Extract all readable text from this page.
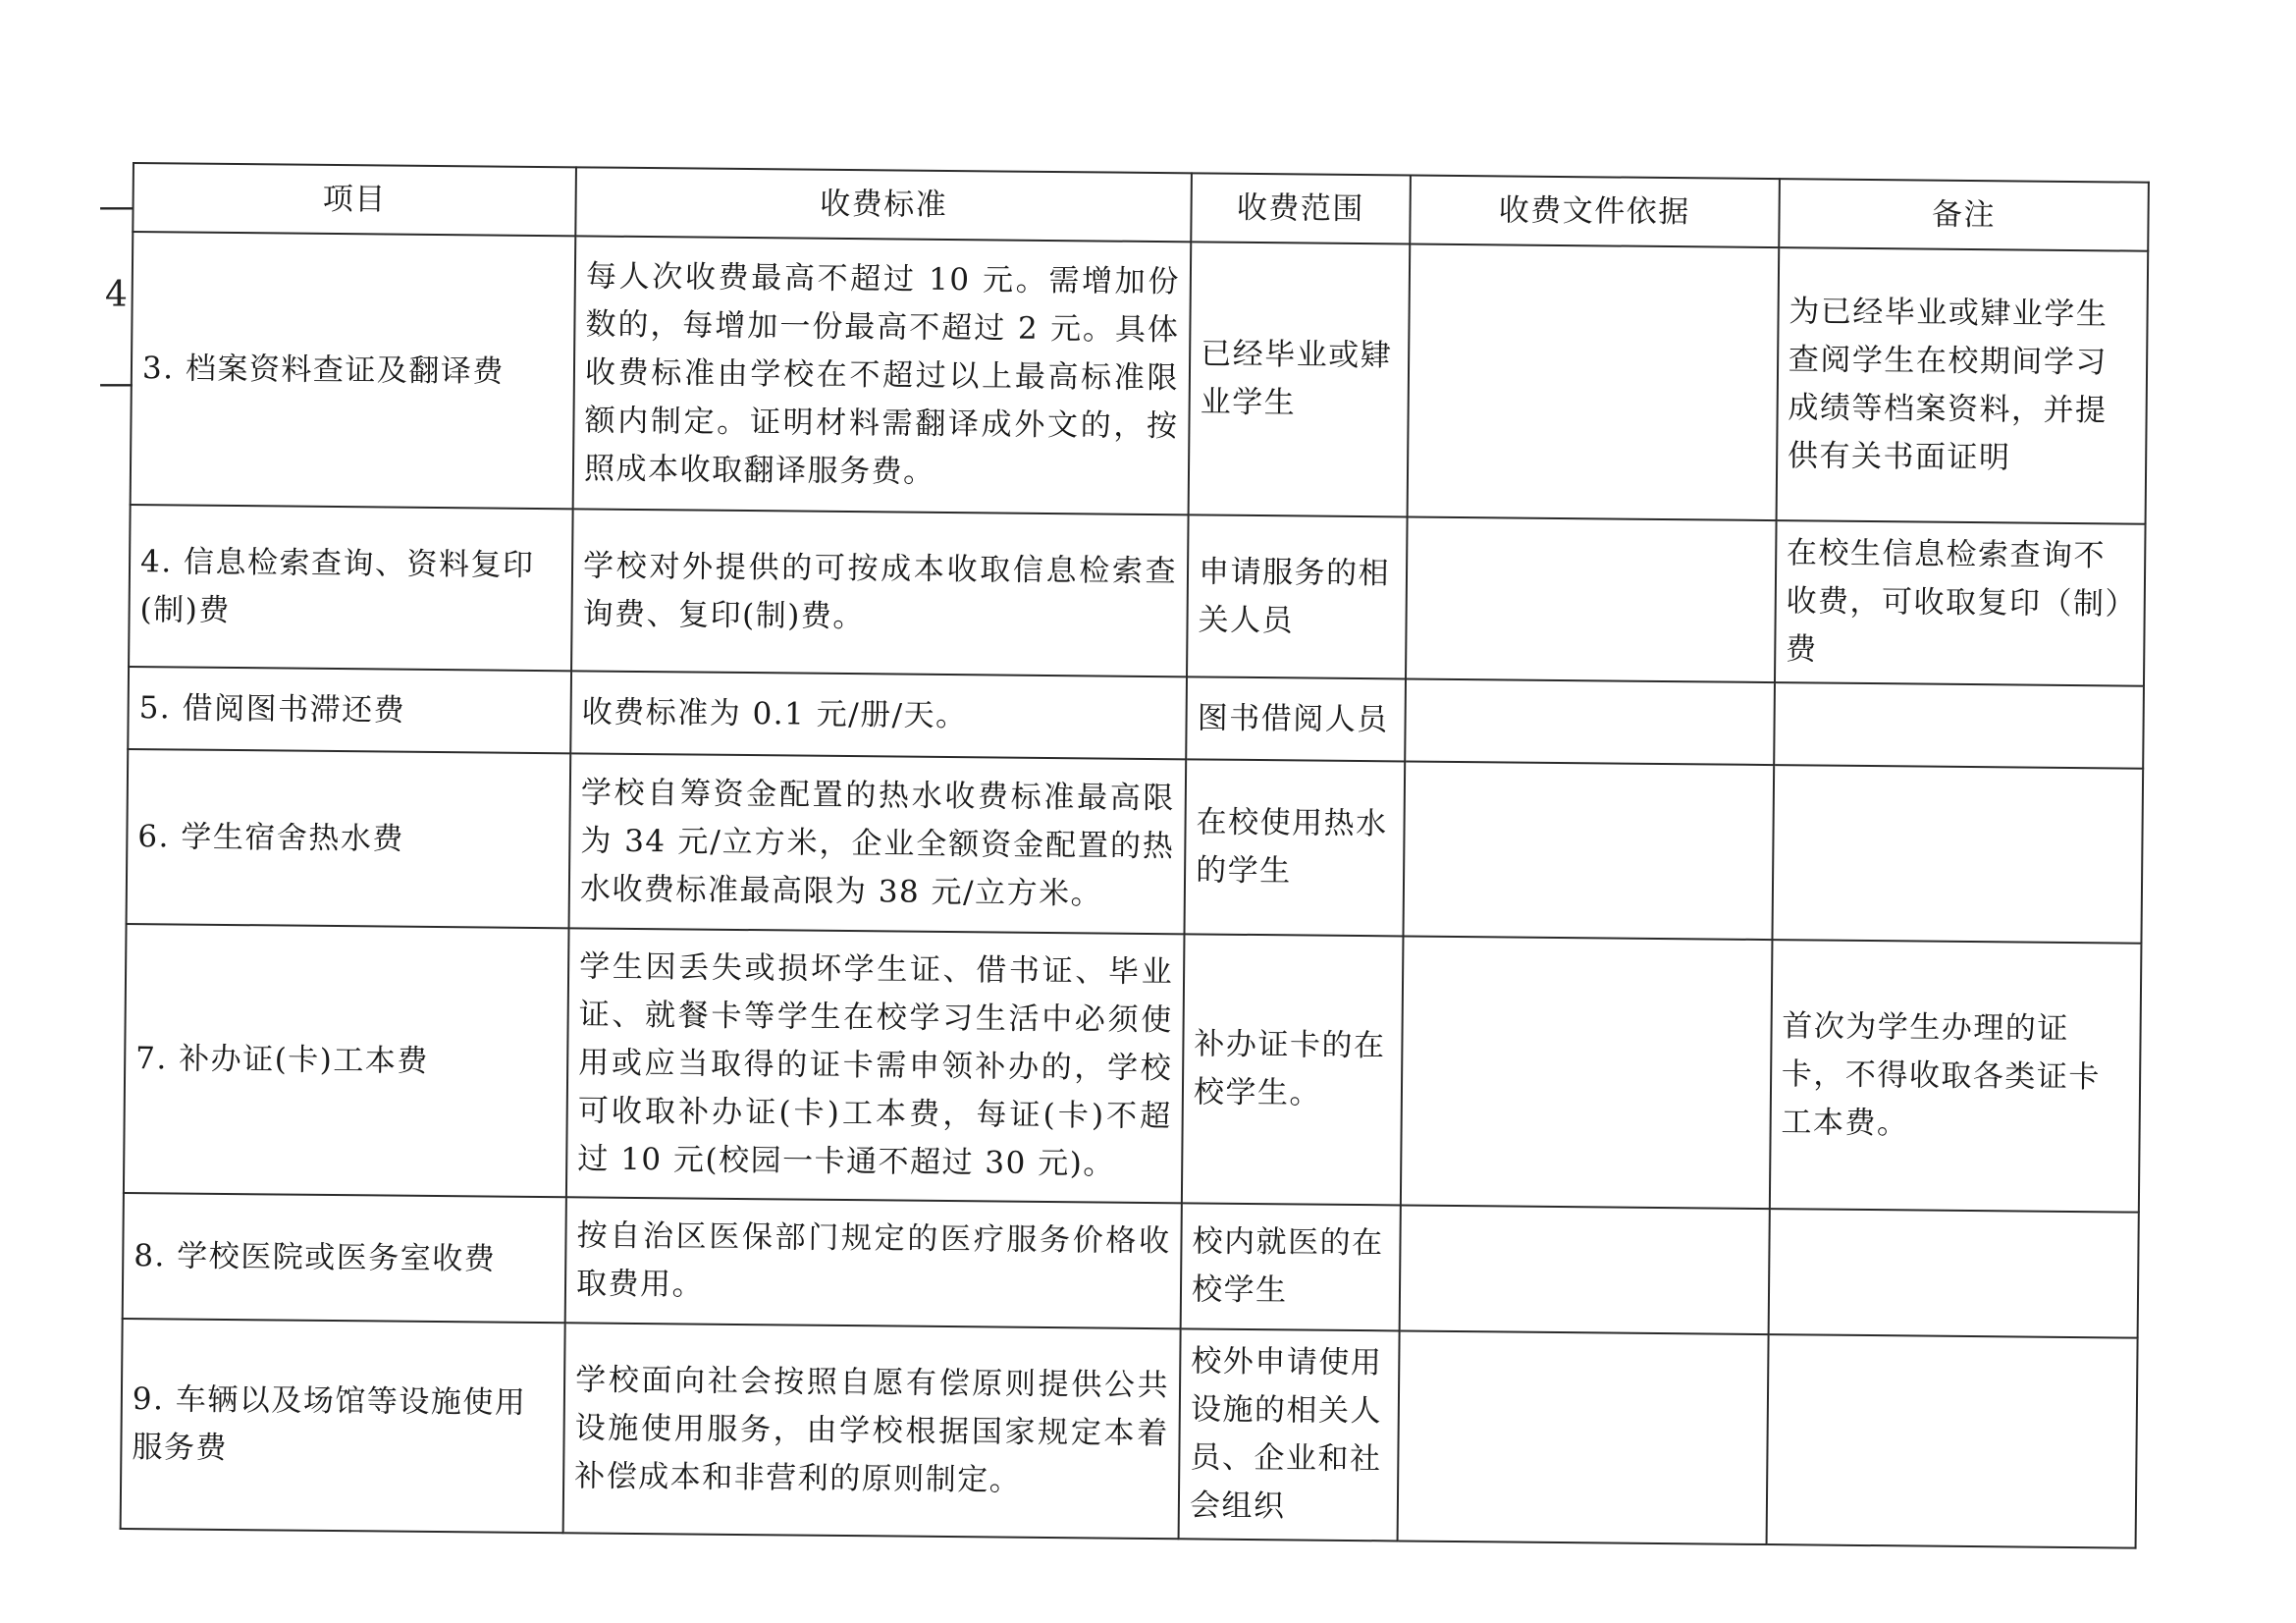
— 4 —	项目	收费标准	收费范围	收费文件依据	备注
3. 档案资料查证及翻译费	每人次收费最高不超过 10 元。需增加份数的，每增加一份最高不超过 2 元。具体收费标准由学校在不超过以上最高标准限额内制定。证明材料需翻译成外文的，按照成本收取翻译服务费。	已经毕业或肄业学生		为已经毕业或肄业学生查阅学生在校期间学习成绩等档案资料，并提供有关书面证明
4. 信息检索查询、资料复印(制)费	学校对外提供的可按成本收取信息检索查询费、复印(制)费。	申请服务的相关人员		在校生信息检索查询不收费，可收取复印（制）费
5. 借阅图书滞还费	收费标准为 0.1 元/册/天。	图书借阅人员		
6. 学生宿舍热水费	学校自筹资金配置的热水收费标准最高限为 34 元/立方米，企业全额资金配置的热水收费标准最高限为 38 元/立方米。	在校使用热水的学生		
7. 补办证(卡)工本费	学生因丢失或损坏学生证、借书证、毕业证、就餐卡等学生在校学习生活中必须使用或应当取得的证卡需申领补办的，学校可收取补办证(卡)工本费，每证(卡)不超过 10 元(校园一卡通不超过 30 元)。	补办证卡的在校学生。		首次为学生办理的证卡，不得收取各类证卡工本费。
8. 学校医院或医务室收费	按自治区医保部门规定的医疗服务价格收取费用。	校内就医的在校学生		
9. 车辆以及场馆等设施使用服务费	学校面向社会按照自愿有偿原则提供公共设施使用服务，由学校根据国家规定本着补偿成本和非营利的原则制定。	校外申请使用设施的相关人员、企业和社会组织		
